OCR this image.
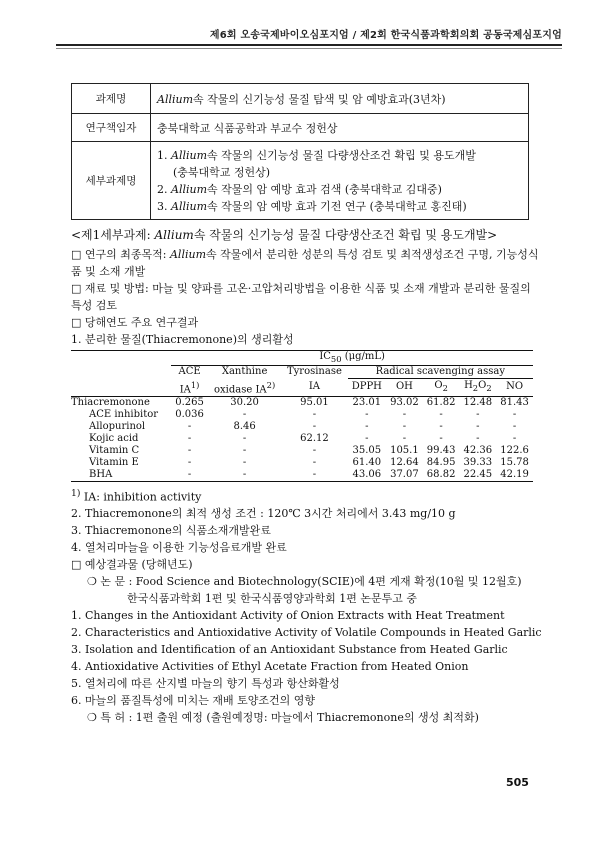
제6회 오송국제바이오심포지엄 / 제2회 한국식품과학회의회 공동국제심포지엄
과제명	Allium속 작물의 신기능성 물질 탐색 및 암 예방효과(3년차)
연구책임자	충북대학교 식품공학과 부교수 정헌상
세부과제명	1. Allium속 작물의 신기능성 물질 다량생산조건 확립 및 용도개발
(충북대학교 정헌상)
2. Allium속 작물의 암 예방 효과 검색 (충북대학교 김대중)
3. Allium속 작물의 암 예방 효과 기전 연구 (충북대학교 홍진태)

<제1세부과제: Allium속 작물의 신기능성 물질 다량생산조건 확립 및 용도개발>

□ 연구의 최종목적: Allium속 작물에서 분리한 성분의 특성 검토 및 최적생성조건 구명, 기능성식품 및 소재 개발

□ 재료 및 방법: 마늘 및 양파를 고온·고압처리방법을 이용한 식품 및 소재 개발과 분리한 물질의 특성 검토

□ 당해연도 주요 연구결과

1. 분리한 물질(Thiacremonone)의 생리활성

	$IC_{50}$ (μg/mL)							
	ACE	Xanthine	Tyrosinase	Radical scavenging assay				
	IA$^{1)}$	oxidase IA$^{2)}$	IA	DPPH	OH	$O_2$	$H_2O_2$	NO
Thiacremonone	0.265	30.20	95.01	23.01	93.02	61.82	12.48	81.43
ACE inhibitor	0.036	-	-	-	-	-	-	-
Allopurinol	-	8.46	-	-	-	-	-	-
Kojic acid	-	-	62.12	-	-	-	-	-
Vitamin C	-	-	-	35.05	105.1	99.43	42.36	122.6
Vitamin E	-	-	-	61.40	12.64	84.95	39.33	15.78
BHA	-	-	-	43.06	37.07	68.82	22.45	42.19

$^{1)}$ IA: inhibition activity

2. Thiacremonone의 최적 생성 조건 : 120℃ 3시간 처리에서 3.43 mg/10 g

3. Thiacremonone의 식품소재개발완료

4. 열처리마늘을 이용한 기능성음료개발 완료

□ 예상결과물 (당해년도)

❍ 논 문 : Food Science and Biotechnology(SCIE)에 4편 게재 확정(10월 및 12월호)

한국식품과학회 1편 및 한국식품영양과학회 1편 논문투고 중

1. Changes in the Antioxidant Activity of Onion Extracts with Heat Treatment

2. Characteristics and Antioxidative Activity of Volatile Compounds in Heated Garlic

3. Isolation and Identification of an Antioxidant Substance from Heated Garlic

4. Antioxidative Activities of Ethyl Acetate Fraction from Heated Onion

5. 열처리에 따른 산지별 마늘의 향기 특성과 항산화활성

6. 마늘의 품질특성에 미치는 재배 토양조건의 영향

❍ 특 허 : 1편 출원 예정 (출원예정명: 마늘에서 Thiacremonone의 생성 최적화)

505
